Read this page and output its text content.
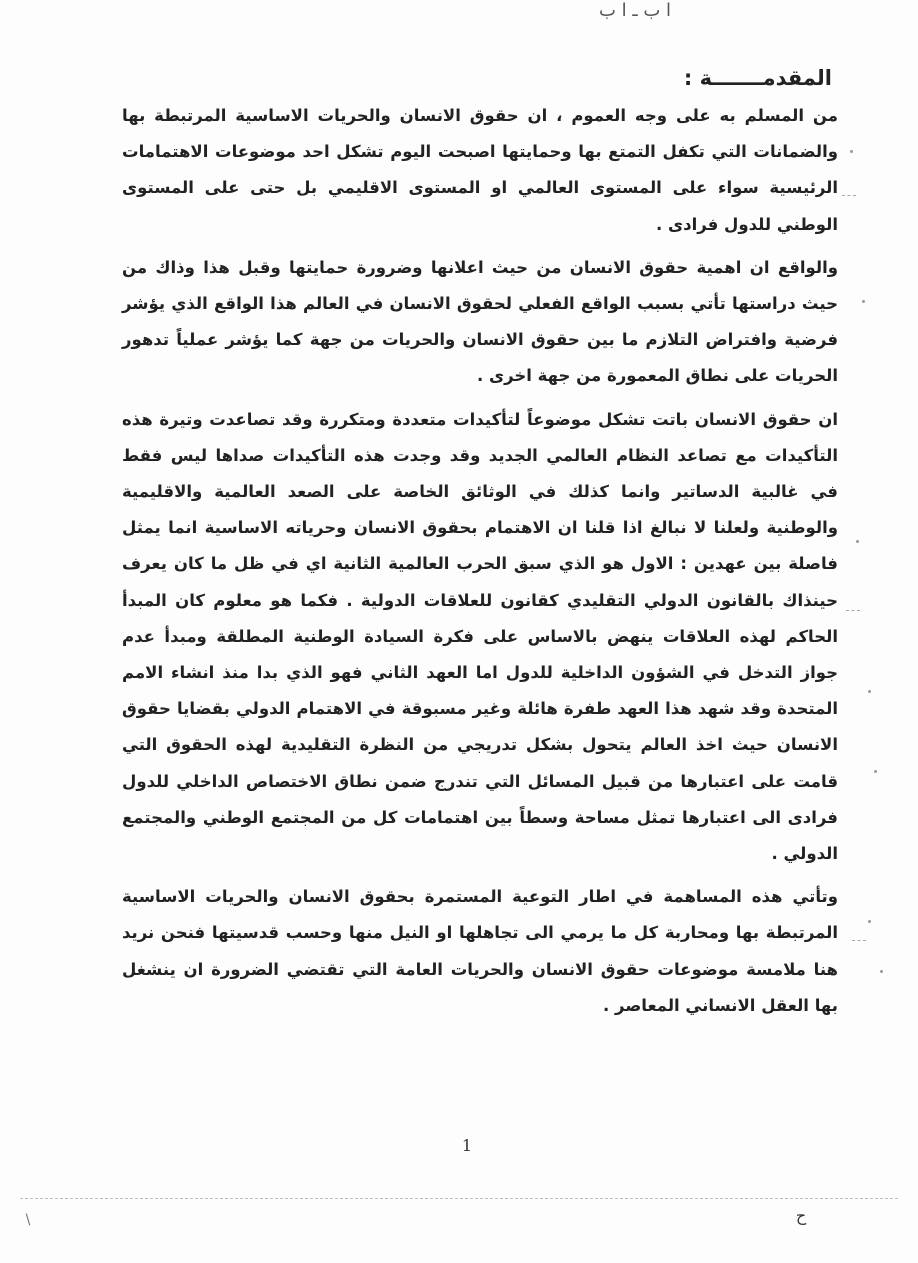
ا ب ـ ا ب
المقدمـــــــة :

من المسلم به على وجه العموم ، ان حقوق الانسان والحريات الاساسية المرتبطة بها والضمانات التي تكفل التمتع بها وحمايتها اصبحت اليوم تشكل احد موضوعات الاهتمامات الرئيسية سواء على المستوى العالمي او المستوى الاقليمي بل حتى على المستوى الوطني للدول فرادى .

والواقع ان اهمية حقوق الانسان من حيث اعلانها وضرورة حمايتها وقبل هذا وذاك من حيث دراستها تأتي بسبب الواقع الفعلي لحقوق الانسان في العالم هذا الواقع الذي يؤشر فرضية وافتراض التلازم ما بين حقوق الانسان والحريات من جهة كما يؤشر عملياً تدهور الحريات على نطاق المعمورة من جهة اخرى .

ان حقوق الانسان باتت تشكل موضوعاً لتأكيدات متعددة ومتكررة وقد تصاعدت وتيرة هذه التأكيدات مع تصاعد النظام العالمي الجديد وقد وجدت هذه التأكيدات صداها ليس فقط في غالبية الدساتير وانما كذلك في الوثائق الخاصة على الصعد العالمية والاقليمية والوطنية ولعلنا لا نبالغ اذا قلنا ان الاهتمام بحقوق الانسان وحرياته الاساسية انما يمثل فاصلة بين عهدين : الاول هو الذي سبق الحرب العالمية الثانية اي في ظل ما كان يعرف حينذاك بالقانون الدولي التقليدي كقانون للعلاقات الدولية . فكما هو معلوم كان المبدأ الحاكم لهذه العلاقات ينهض بالاساس على فكرة السيادة الوطنية المطلقة ومبدأ عدم جواز التدخل في الشؤون الداخلية للدول اما العهد الثاني فهو الذي بدا منذ انشاء الامم المتحدة وقد شهد هذا العهد طفرة هائلة وغير مسبوقة في الاهتمام الدولي بقضايا حقوق الانسان حيث اخذ العالم يتحول بشكل تدريجي من النظرة التقليدية لهذه الحقوق التي قامت على اعتبارها من قبيل المسائل التي تندرج ضمن نطاق الاختصاص الداخلي للدول فرادى الى اعتبارها تمثل مساحة وسطاً بين اهتمامات كل من المجتمع الوطني والمجتمع الدولي .

وتأتي هذه المساهمة في اطار التوعية المستمرة بحقوق الانسان والحريات الاساسية المرتبطة بها ومحاربة كل ما يرمي الى تجاهلها او النيل منها وحسب قدسيتها فنحن نريد هنا ملامسة موضوعات حقوق الانسان والحريات العامة التي تقتضي الضرورة ان ينشغل بها العقل الانساني المعاصر .

1
ح
\
